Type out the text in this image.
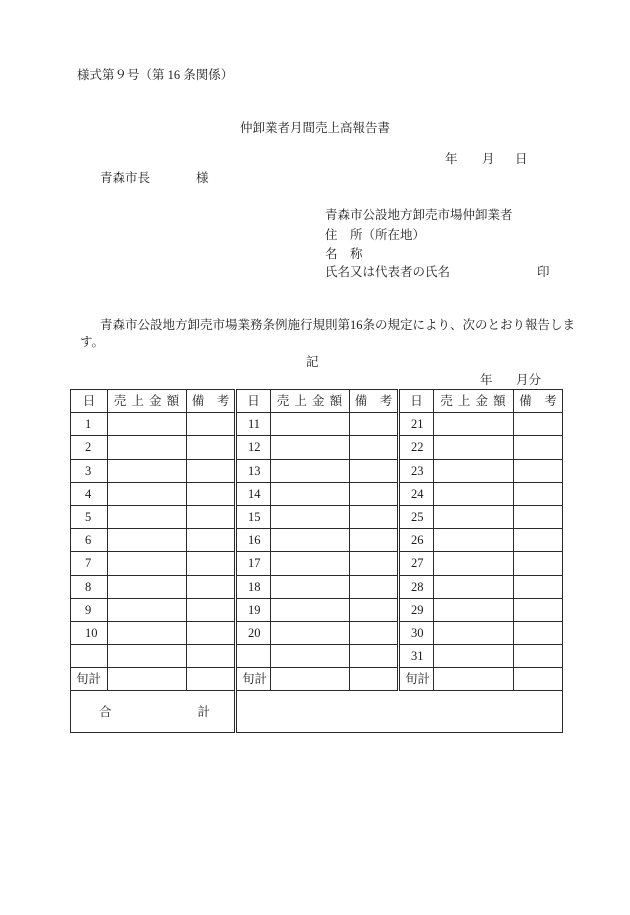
様式第９号（第 16 条関係）
仲卸業者月間売上高報告書
年 月 日
青森市長	様
青森市公設地方卸売市場仲卸業者
住　所（所在地）
名　称
氏名又は代表者の氏名	印
青森市公設地方卸売市場業務条例施行規則第16条の規定により、次のとおり報告しま
す。
記
年 月分
日	売 上 金 額	備　考	日	売 上 金 額	備　考	日	売 上 金 額	備　考
1			11			21		
2			12			22		
3			13			23		
4			14			24		
5			15			25		
6			16			26		
7			17			27		
8			18			28		
9			19			29		
10			20			30		
						31		
旬計			旬計			旬計		

合 計								
